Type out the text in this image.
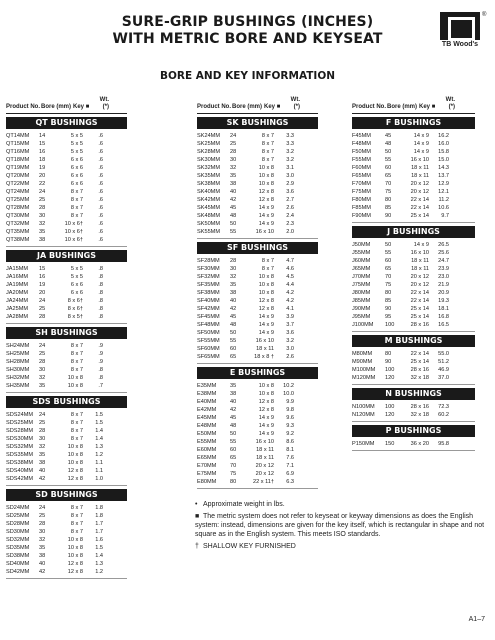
SURE-GRIP BUSHINGS (INCHES)
WITH METRIC BORE AND KEYSEAT
®
TB Wood's
BORE AND KEY INFORMATION
Product No. Bore (mm) Key ■
Wt. (*)
QT BUSHINGS
QT14MM	14	5 x 5	.6
QT15MM	15	5 x 5	.6
QT16MM	16	5 x 5	.6
QT18MM	18	6 x 6	.6
QT19MM	19	6 x 6	.6
QT20MM	20	6 x 6	.6
QT22MM	22	6 x 6	.6
QT24MM	24	8 x 7	.6
QT25MM	25	8 x 7	.6
QT28MM	28	8 x 7	.6
QT30MM	30	8 x 7	.6
QT32MM	32	10 x 6†	.6
QT35MM	35	10 x 6†	.6
QT38MM	38	10 x 6†	.6
JA BUSHINGS
JA15MM	15	5 x 5	.8
JA16MM	16	5 x 5	.8
JA19MM	19	6 x 6	.8
JA20MM	20	6 x 6	.8
JA24MM	24	8 x 6†	.8
JA25MM	25	8 x 6†	.8
JA28MM	28	8 x 5†	.8
SH BUSHINGS
SH24MM	24	8 x 7	.9
SH25MM	25	8 x 7	.9
SH28MM	28	8 x 7	.9
SH30MM	30	8 x 7	.8
SH32MM	32	10 x 8	.8
SH35MM	35	10 x 8	.7
SDS BUSHINGS
SDS24MM	24	8 x 7	1.5
SDS25MM	25	8 x 7	1.5
SDS28MM	28	8 x 7	1.4
SDS30MM	30	8 x 7	1.4
SDS32MM	32	10 x 8	1.3
SDS35MM	35	10 x 8	1.2
SDS38MM	38	10 x 8	1.1
SDS40MM	40	12 x 8	1.1
SDS42MM	42	12 x 8	1.0
SD BUSHINGS
SD24MM	24	8 x 7	1.8
SD25MM	25	8 x 7	1.8
SD28MM	28	8 x 7	1.7
SD30MM	30	8 x 7	1.7
SD32MM	32	10 x 8	1.6
SD35MM	35	10 x 8	1.5
SD38MM	38	10 x 8	1.4
SD40MM	40	12 x 8	1.3
SD42MM	42	12 x 8	1.2
Product No. Bore (mm) Key ■
Wt. (*)
SK BUSHINGS
SK24MM	24	8 x 7	3.3
SK25MM	25	8 x 7	3.3
SK28MM	28	8 x 7	3.2
SK30MM	30	8 x 7	3.2
SK32MM	32	10 x 8	3.1
SK35MM	35	10 x 8	3.0
SK38MM	38	10 x 8	2.9
SK40MM	40	12 x 8	3.6
SK42MM	42	12 x 8	2.7
SK45MM	45	14 x 9	2.6
SK48MM	48	14 x 9	2.4
SK50MM	50	14 x 9	2.3
SK55MM	55	16 x 10	2.0
SF BUSHINGS
SF28MM	28	8 x 7	4.7
SF30MM	30	8 x 7	4.6
SF32MM	32	10 x 8	4.5
SF35MM	35	10 x 8	4.4
SF38MM	38	10 x 8	4.2
SF40MM	40	12 x 8	4.2
SF42MM	42	12 x 8	4.1
SF45MM	45	14 x 9	3.9
SF48MM	48	14 x 9	3.7
SF50MM	50	14 x 9	3.6
SF55MM	55	16 x 10	3.2
SF60MM	60	18 x 11	3.0
SF65MM	65	18 x 8 †	2.6
E BUSHINGS
E35MM	35	10 x 8	10.2
E38MM	38	10 x 8	10.0
E40MM	40	12 x 8	9.9
E42MM	42	12 x 8	9.8
E45MM	45	14 x 9	9.6
E48MM	48	14 x 9	9.3
E50MM	50	14 x 9	9.2
E55MM	55	16 x 10	8.6
E60MM	60	18 x 11	8.1
E65MM	65	18 x 11	7.6
E70MM	70	20 x 12	7.1
E75MM	75	20 x 12	6.9
E80MM	80	22 x 11†	6.3
Product No. Bore (mm) Key ■
Wt. (*)
F BUSHINGS
F45MM	45	14 x 9	16.2
F48MM	48	14 x 9	16.0
F50MM	50	14 x 9	15.8
F55MM	55	16 x 10	15.0
F60MM	60	18 x 11	14.3
F65MM	65	18 x 11	13.7
F70MM	70	20 x 12	12.9
F75MM	75	20 x 12	12.1
F80MM	80	22 x 14	11.2
F85MM	85	22 x 14	10.6
F90MM	90	25 x 14	9.7
J BUSHINGS
J50MM	50	14 x 9	26.5
J55MM	55	16 x 10	25.6
J60MM	60	18 x 11	24.7
J65MM	65	18 x 11	23.9
J70MM	70	20 x 12	23.0
J75MM	75	20 x 12	21.9
J80MM	80	22 x 14	20.9
J85MM	85	22 x 14	19.3
J90MM	90	25 x 14	18.1
J95MM	95	25 x 14	16.8
J100MM	100	28 x 16	16.5
M BUSHINGS
M80MM	80	22 x 14	55.0
M90MM	90	25 x 14	51.2
M100MM	100	28 x 16	46.9
M120MM	120	32 x 18	37.0
N BUSHINGS
N100MM	100	28 x 16	72.3
N120MM	120	32 x 18	60.2
P BUSHINGS
P150MM	150	36 x 20	95.8

• Approximate weight in lbs.

■ The metric system does not refer to keyseat or keyway dimensions as does the English system: instead, dimensions are given for the key itself, which is rectangular in shape and not square as in the English system. This meets ISO standards.

† SHALLOW KEY FURNISHED

A1–7
